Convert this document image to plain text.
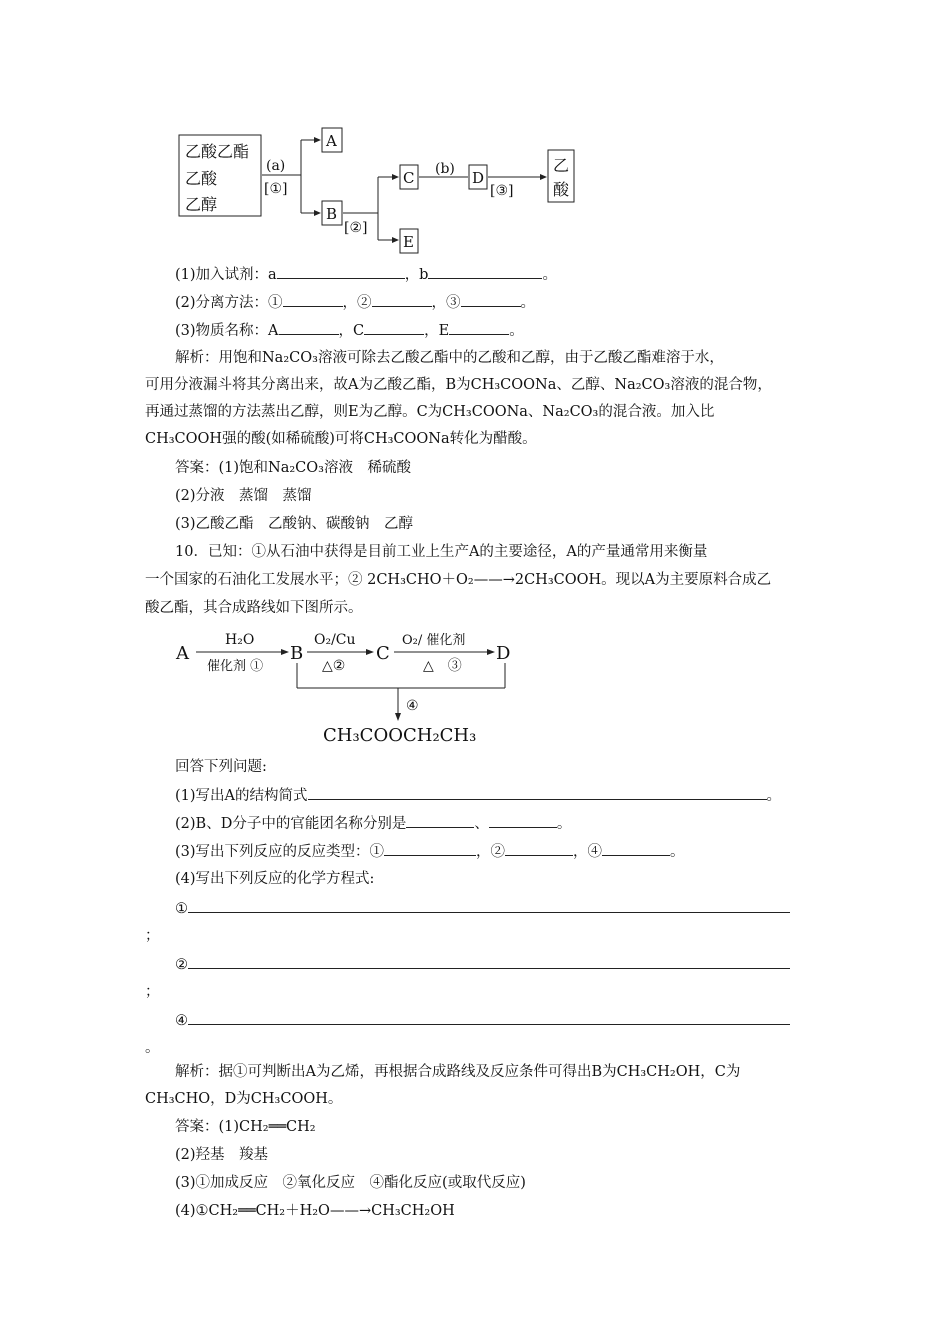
乙酸乙酯
乙酸
乙醇
(a)
[①]
A
B
[②]
C
E
(b) D
[③]
乙
酸
(1)加入试剂：a	，b	。
(2)分离方法：①	，②	，③	。
(3)物质名称：A	，C	，E	。
解析：用饱和Na₂CO₃溶液可除去乙酸乙酯中的乙酸和乙醇，由于乙酸乙酯难溶于水，
可用分液漏斗将其分离出来，故A为乙酸乙酯，B为CH₃COONa、乙醇、Na₂CO₃溶液的混合物，
再通过蒸馏的方法蒸出乙醇，则E为乙醇。C为CH₃COONa、Na₂CO₃的混合液。加入比
CH₃COOH强的酸(如稀硫酸)可将CH₃COONa转化为醋酸。
答案：(1)饱和Na₂CO₃溶液　稀硫酸
(2)分液　蒸馏　蒸馏
(3)乙酸乙酯　乙酸钠、碳酸钠　乙醇
10．已知：①从石油中获得是目前工业上生产A的主要途径，A的产量通常用来衡量
一个国家的石油化工发展水平；② 2CH₃CHO＋O₂——→2CH₃COOH。现以A为主要原料合成乙
酸乙酯，其合成路线如下图所示。
A
H₂O
催化剂 ①
B
O₂/Cu
△②
C
O₂/ 催化剂
△　③
D
④
CH₃COOCH₂CH₃
回答下列问题:
(1)写出A的结构简式	。
(2)B、D分子中的官能团名称分别是	、	。
(3)写出下列反应的反应类型：①	，②	，④	。
(4)写出下列反应的化学方程式:
①
；
②
；
④
。
解析：据①可判断出A为乙烯，再根据合成路线及反应条件可得出B为CH₃CH₂OH，C为
CH₃CHO，D为CH₃COOH。
答案：(1)CH₂══CH₂
(2)羟基　羧基
(3)①加成反应　②氧化反应　④酯化反应(或取代反应)
(4)①CH₂══CH₂＋H₂O——→CH₃CH₂OH
